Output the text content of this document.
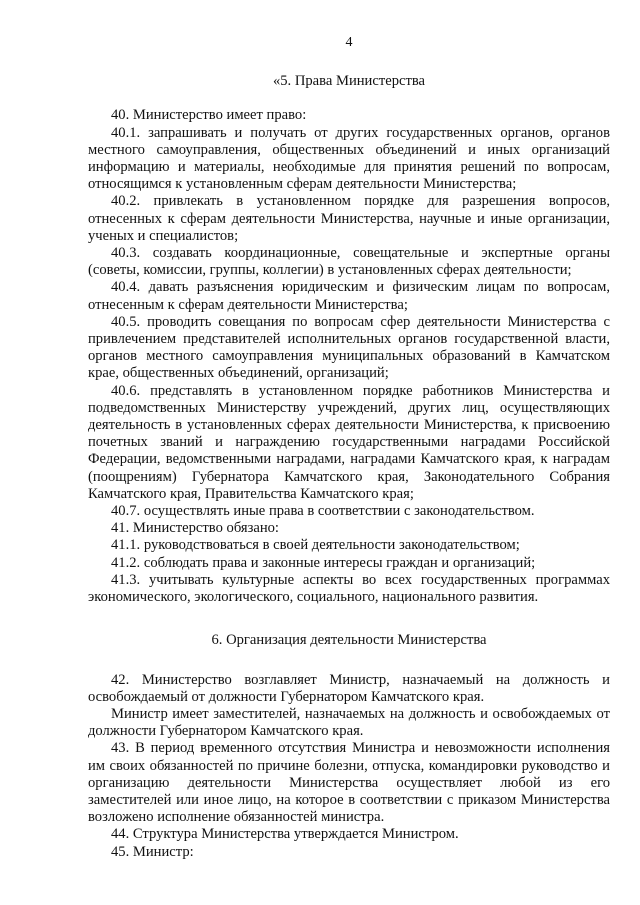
4
«5. Права Министерства

40. Министерство имеет право:

40.1. запрашивать и получать от других государственных органов, органов местного самоуправления, общественных объединений и иных организаций информацию и материалы, необходимые для принятия решений по вопросам, относящимся к установленным сферам деятельности Министерства;

40.2. привлекать в установленном порядке для разрешения вопросов, отнесенных к сферам деятельности Министерства, научные и иные организации, ученых и специалистов;

40.3. создавать координационные, совещательные и экспертные органы (советы, комиссии, группы, коллегии) в установленных сферах деятельности;

40.4. давать разъяснения юридическим и физическим лицам по вопросам, отнесенным к сферам деятельности Министерства;

40.5. проводить совещания по вопросам сфер деятельности Министерства с привлечением представителей исполнительных органов государственной власти, органов местного самоуправления муниципальных образований в Камчатском крае, общественных объединений, организаций;

40.6. представлять в установленном порядке работников Министерства и подведомственных Министерству учреждений, других лиц, осуществляющих деятельность в установленных сферах деятельности Министерства, к присвоению почетных званий и награждению государственными наградами Российской Федерации, ведомственными наградами, наградами Камчатского края, к наградам (поощрениям) Губернатора Камчатского края, Законодательного Собрания Камчатского края, Правительства Камчатского края;

40.7. осуществлять иные права в соответствии с законодательством.

41. Министерство обязано:

41.1. руководствоваться в своей деятельности законодательством;

41.2. соблюдать права и законные интересы граждан и организаций;

41.3. учитывать культурные аспекты во всех государственных программах экономического, экологического, социального, национального развития.

6. Организация деятельности Министерства

42. Министерство возглавляет Министр, назначаемый на должность и освобождаемый от должности Губернатором Камчатского края.

Министр имеет заместителей, назначаемых на должность и освобождаемых от должности Губернатором Камчатского края.

43. В период временного отсутствия Министра и невозможности исполнения им своих обязанностей по причине болезни, отпуска, командировки руководство и организацию деятельности Министерства осуществляет любой из его заместителей или иное лицо, на которое в соответствии с приказом Министерства возложено исполнение обязанностей министра.

44. Структура Министерства утверждается Министром.

45. Министр:
